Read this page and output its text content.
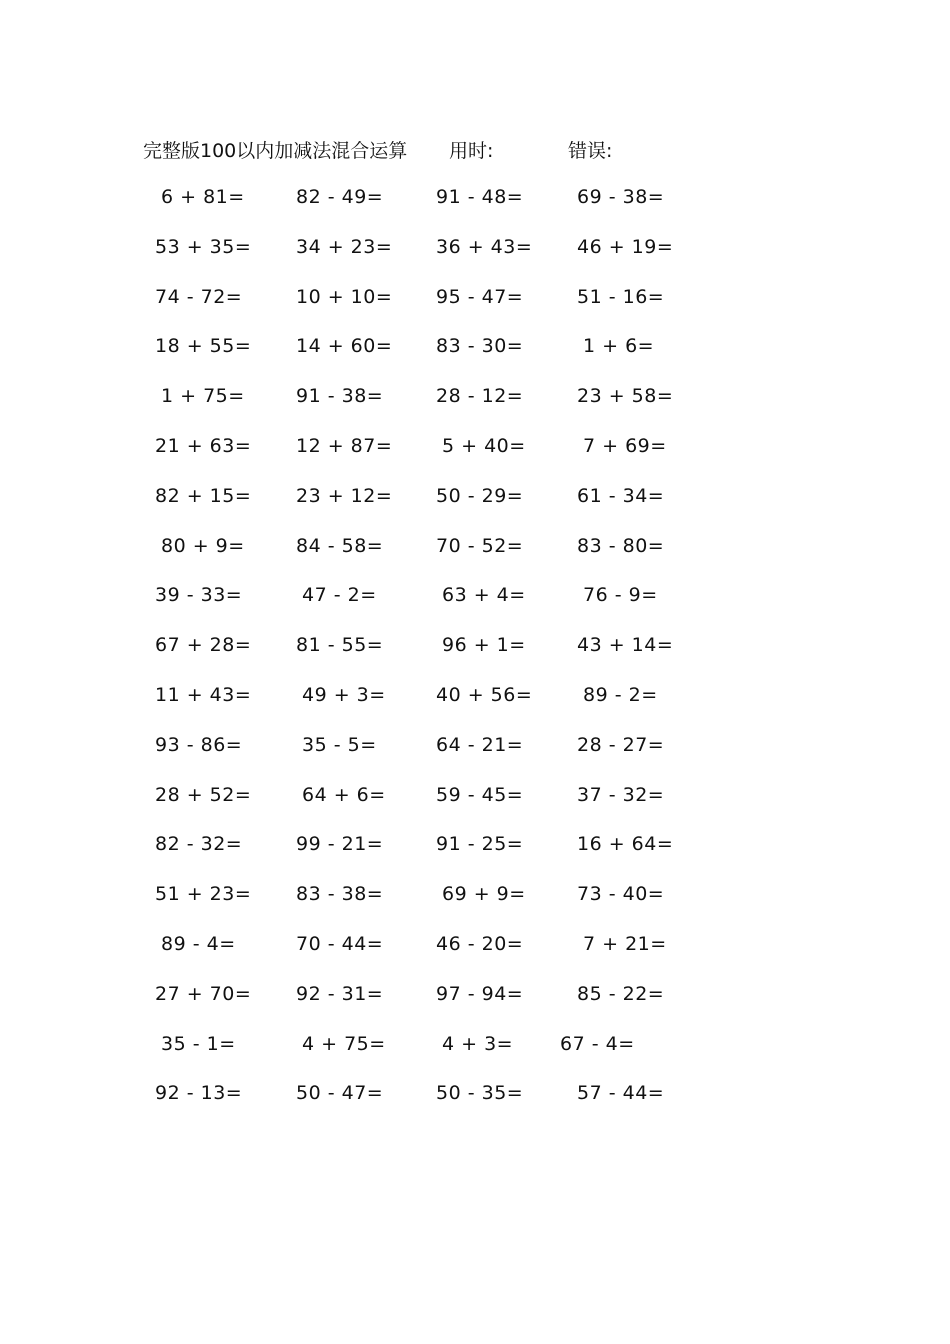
完整版100以内加减法混合运算 用时:	错误:
6 + 81=	82 - 49=	91 - 48=	69 - 38=
53 + 35= 34 + 23= 36 + 43= 46 + 19=
74 - 72=	10 + 10= 95 - 47=	51 - 16=
18 + 55= 14 + 60= 83 - 30=	1 + 6=
1 + 75=	91 - 38=	28 - 12=	23 + 58=
21 + 63= 12 + 87=	5 + 40=	7 + 69=
82 + 15= 23 + 12= 50 - 29=	61 - 34=
80 + 9=	84 - 58=	70 - 52=	83 - 80=
39 - 33=	47 - 2=	63 + 4=	76 - 9=
67 + 28= 81 - 55=	96 + 1=	43 + 14=
11 + 43=	49 + 3=	40 + 56=	89 - 2=
93 - 86=	35 - 5=	64 - 21=	28 - 27=
28 + 52=	64 + 6=	59 - 45=	37 - 32=
82 - 32=	99 - 21=	91 - 25=	16 + 64=
51 + 23= 83 - 38=	69 + 9=	73 - 40=
89 - 4=	70 - 44=	46 - 20=	7 + 21=
27 + 70= 92 - 31=	97 - 94=	85 - 22=
35 - 1=	4 + 75=	4 + 3= 67 - 4=
92 - 13=	50 - 47=	50 - 35=	57 - 44=
